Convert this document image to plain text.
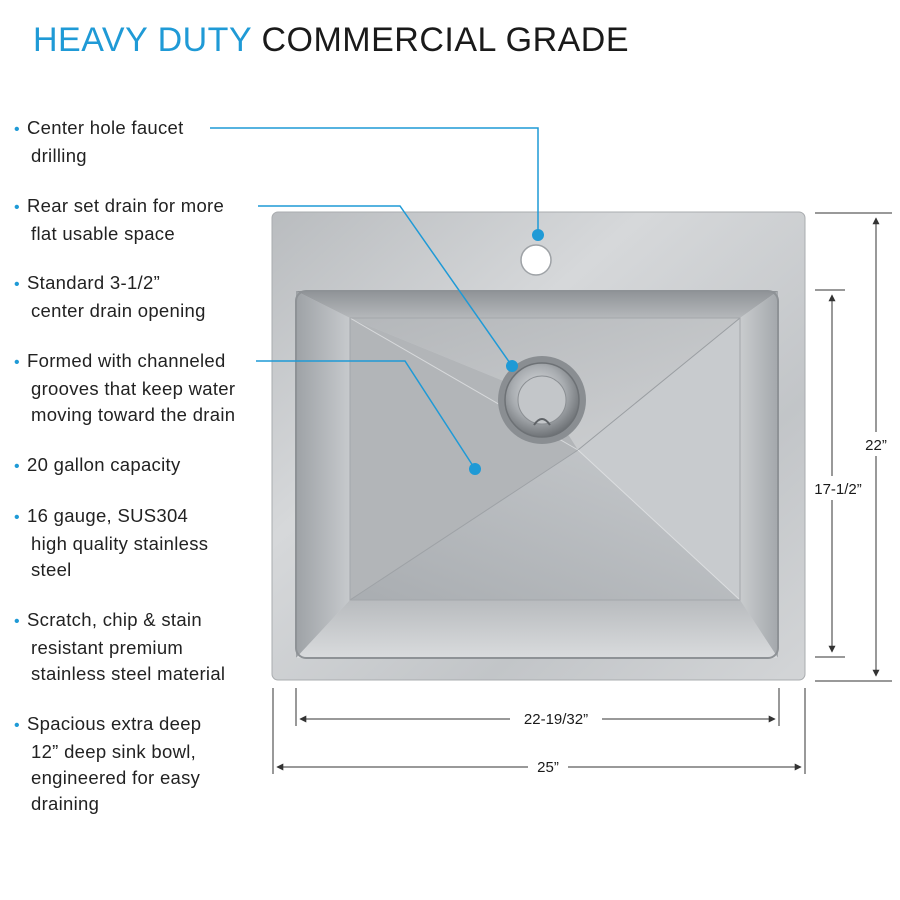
HEAVY DUTY COMMERCIAL GRADE
• Center hole faucet
drilling
• Rear set drain for more
flat usable space
• Standard 3-1/2”
center drain opening
• Formed with channeled
grooves that keep water
moving toward the drain
• 20 gallon capacity
• 16 gauge, SUS304
high quality stainless
steel
• Scratch, chip & stain
resistant premium
stainless steel material
• Spacious extra deep
12” deep sink bowl,
engineered for easy
draining
22”
17-1/2”
22-19/32”
25”
